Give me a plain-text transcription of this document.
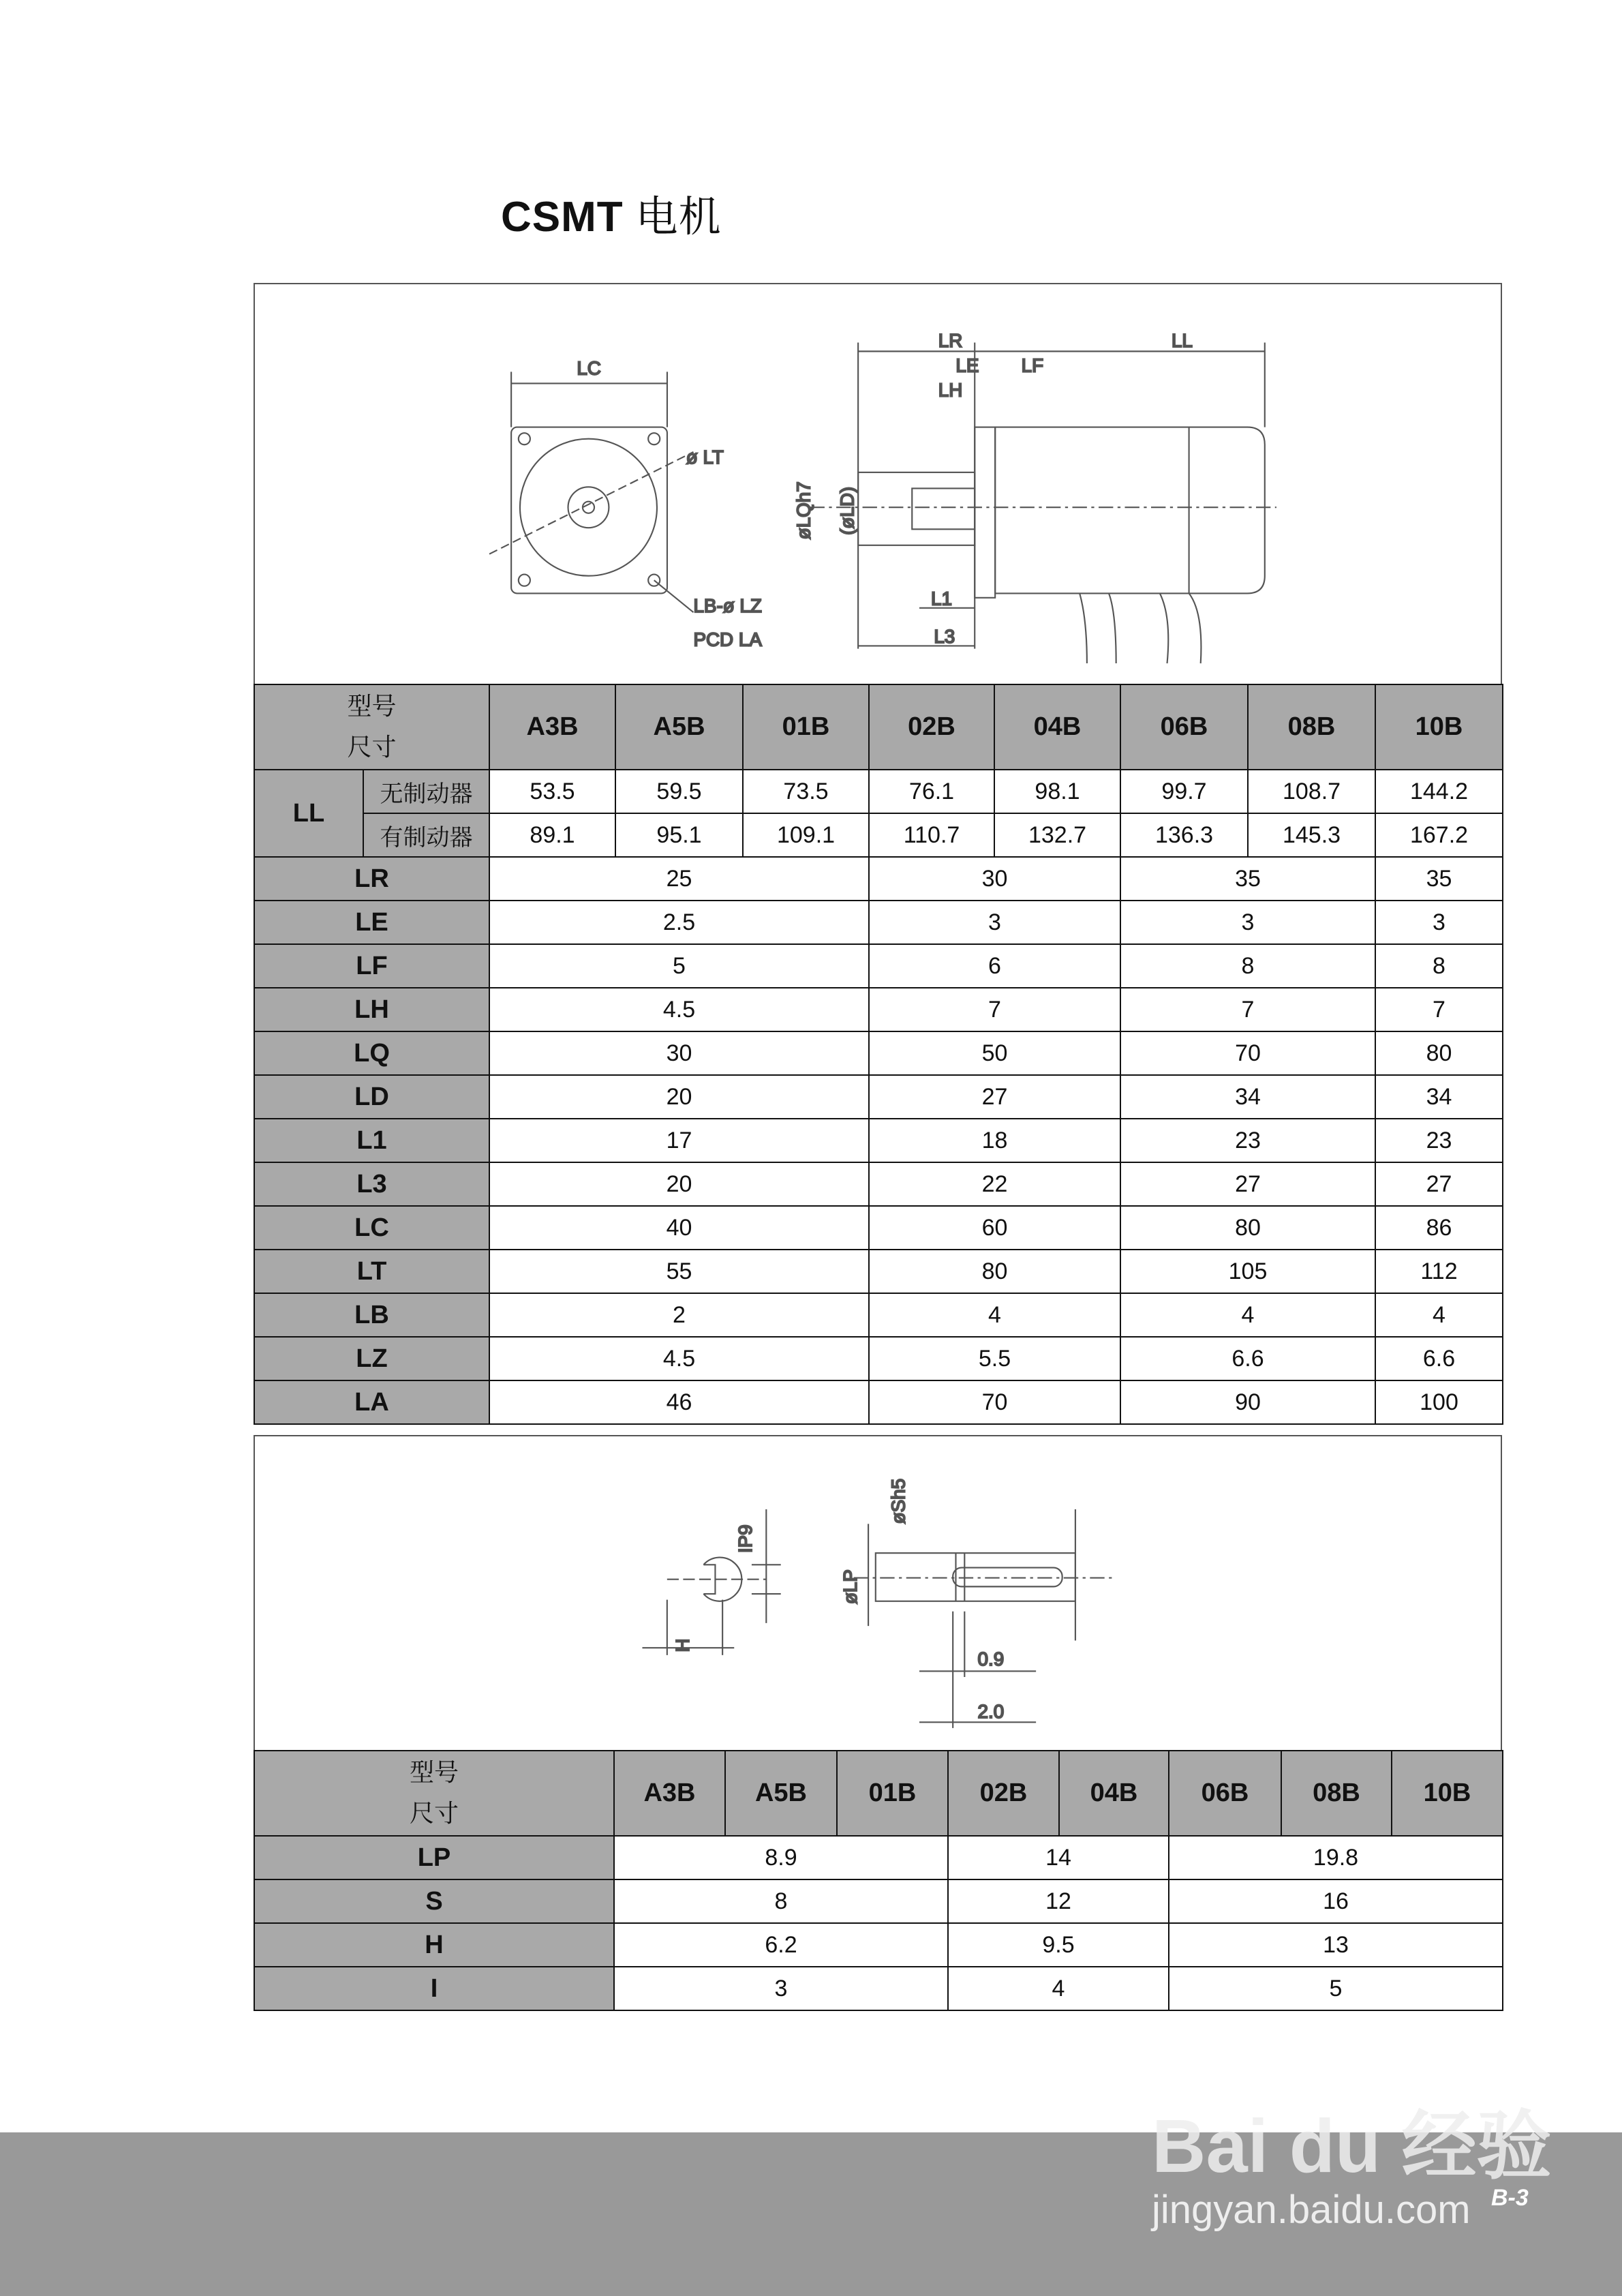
CSMT 电机
LC
ø LT
LB-ø LZ
PCD LA
LR
LE	LF
LH
LL
øLQh7	(øLD)
L1
L3
型号
尺寸		A3B	A5B	01B	02B	04B	06B	08B	10B
LL	无制动器	53.5	59.5	73.5	76.1	98.1	99.7	108.7	144.2
	有制动器	89.1	95.1	109.1	110.7	132.7	136.3	145.3	167.2
LR		25			30		35		35
LE		2.5			3		3		3
LF		5			6		8		8
LH		4.5			7		7		7
LQ		30			50		70		80
LD		20			27		34		34
L1		17			18		23		23
L3		20			22		27		27
LC		40			60		80		86
LT		55			80		105		112
LB		2			4		4		4
LZ		4.5			5.5		6.6		6.6
LA		46			70		90		100
H
IP9
øSh5
øLP
0.9
2.0
型号
尺寸	A3B	A5B	01B	02B	04B	06B	08B	10B
LP	8.9			14		19.8		
S	8			12		16		
H	6.2			9.5		13		
I	3			4		5		
Bai du 经验
jingyan.baidu.com B-3
